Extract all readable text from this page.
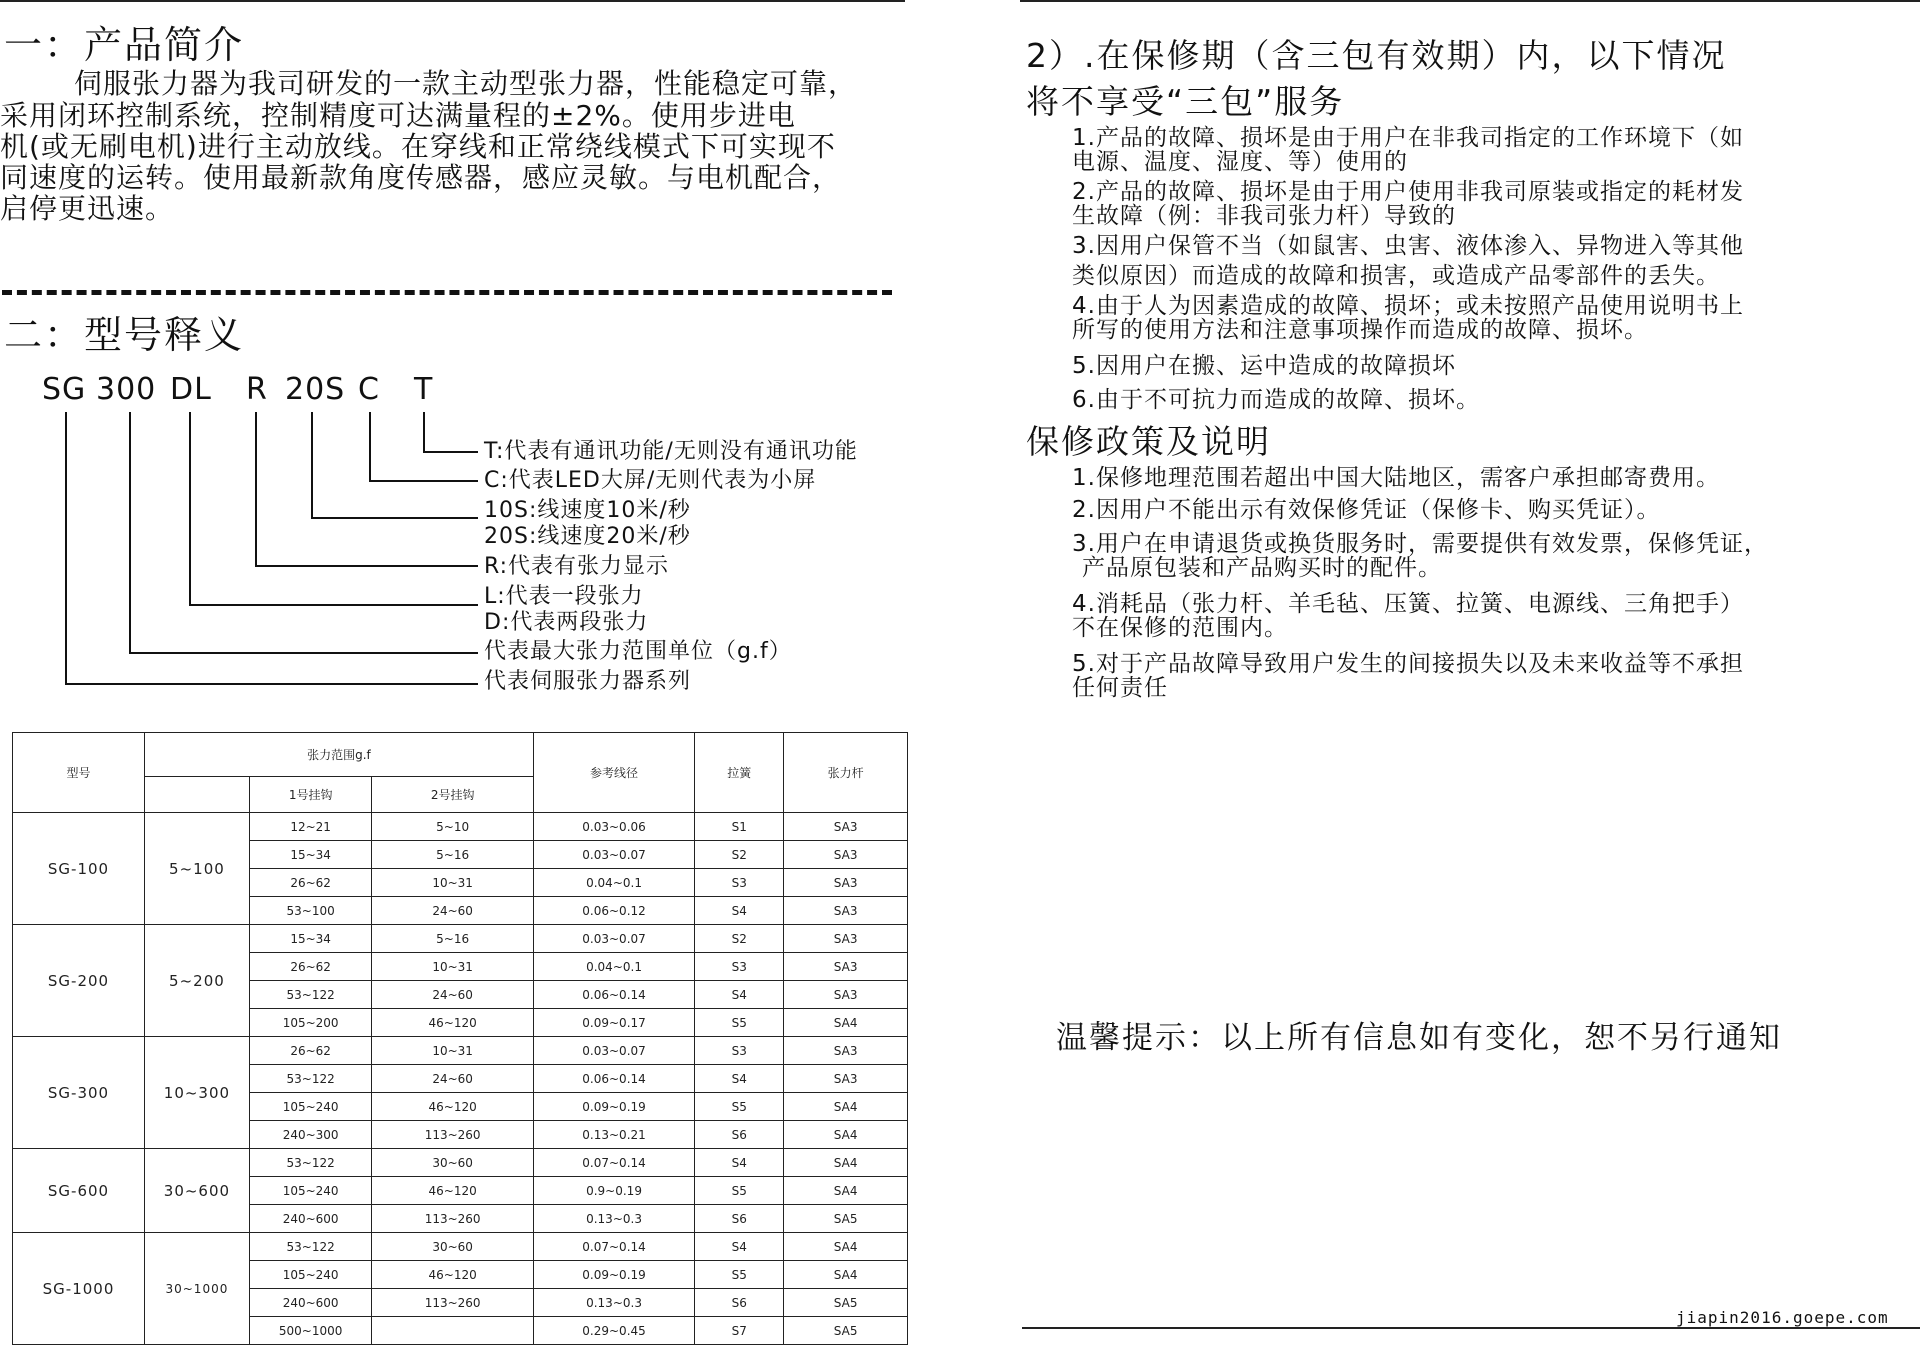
一：产品简介
伺服张力器为我司研发的一款主动型张力器，性能稳定可靠，
采用闭环控制系统，控制精度可达满量程的±2%。使用步进电
机(或无刷电机)进行主动放线。在穿线和正常绕线模式下可实现不
同速度的运转。使用最新款角度传感器，感应灵敏。与电机配合，
启停更迅速。
二：型号释义
SG 300 DL R 20S C T
T:代表有通讯功能/无则没有通讯功能
C:代表LED大屏/无则代表为小屏
10S:线速度10米/秒
20S:线速度20米/秒
R:代表有张力显示
L:代表一段张力
D:代表两段张力
代表最大张力范围单位（g.f）
代表伺服张力器系列
型号	张力范围g.f			参考线径	拉簧	张力杆
		1号挂钩	2号挂钩			
SG-100	5~100	12~21	5~10	0.03~0.06	S1	SA3
		15~34	5~16	0.03~0.07	S2	SA3
		26~62	10~31	0.04~0.1	S3	SA3
		53~100	24~60	0.06~0.12	S4	SA3
SG-200	5~200	15~34	5~16	0.03~0.07	S2	SA3
		26~62	10~31	0.04~0.1	S3	SA3
		53~122	24~60	0.06~0.14	S4	SA3
		105~200	46~120	0.09~0.17	S5	SA4
SG-300	10~300	26~62	10~31	0.03~0.07	S3	SA3
		53~122	24~60	0.06~0.14	S4	SA3
		105~240	46~120	0.09~0.19	S5	SA4
		240~300	113~260	0.13~0.21	S6	SA4
SG-600	30~600	53~122	30~60	0.07~0.14	S4	SA4
		105~240	46~120	0.9~0.19	S5	SA4
		240~600	113~260	0.13~0.3	S6	SA5
SG-1000	30~1000	53~122	30~60	0.07~0.14	S4	SA4
		105~240	46~120	0.09~0.19	S5	SA4
		240~600	113~260	0.13~0.3	S6	SA5
		500~1000		0.29~0.45	S7	SA5
2）.在保修期（含三包有效期）内，以下情况
将不享受“三包”服务
1.产品的故障、损坏是由于用户在非我司指定的工作环境下（如
电源、温度、湿度、等）使用的
2.产品的故障、损坏是由于用户使用非我司原装或指定的耗材发
生故障（例：非我司张力杆）导致的
3.因用户保管不当（如鼠害、虫害、液体渗入、异物进入等其他
类似原因）而造成的故障和损害，或造成产品零部件的丢失。
4.由于人为因素造成的故障、损坏；或未按照产品使用说明书上
所写的使用方法和注意事项操作而造成的故障、损坏。
5.因用户在搬、运中造成的故障损坏
6.由于不可抗力而造成的故障、损坏。
保修政策及说明
1.保修地理范围若超出中国大陆地区，需客户承担邮寄费用。
2.因用户不能出示有效保修凭证（保修卡、购买凭证）。
3.用户在申请退货或换货服务时，需要提供有效发票，保修凭证，
产品原包装和产品购买时的配件。
4.消耗品（张力杆、羊毛毡、压簧、拉簧、电源线、三角把手）
不在保修的范围内。
5.对于产品故障导致用户发生的间接损失以及未来收益等不承担
任何责任
温馨提示：以上所有信息如有变化，恕不另行通知
jiapin2016.goepe.com
